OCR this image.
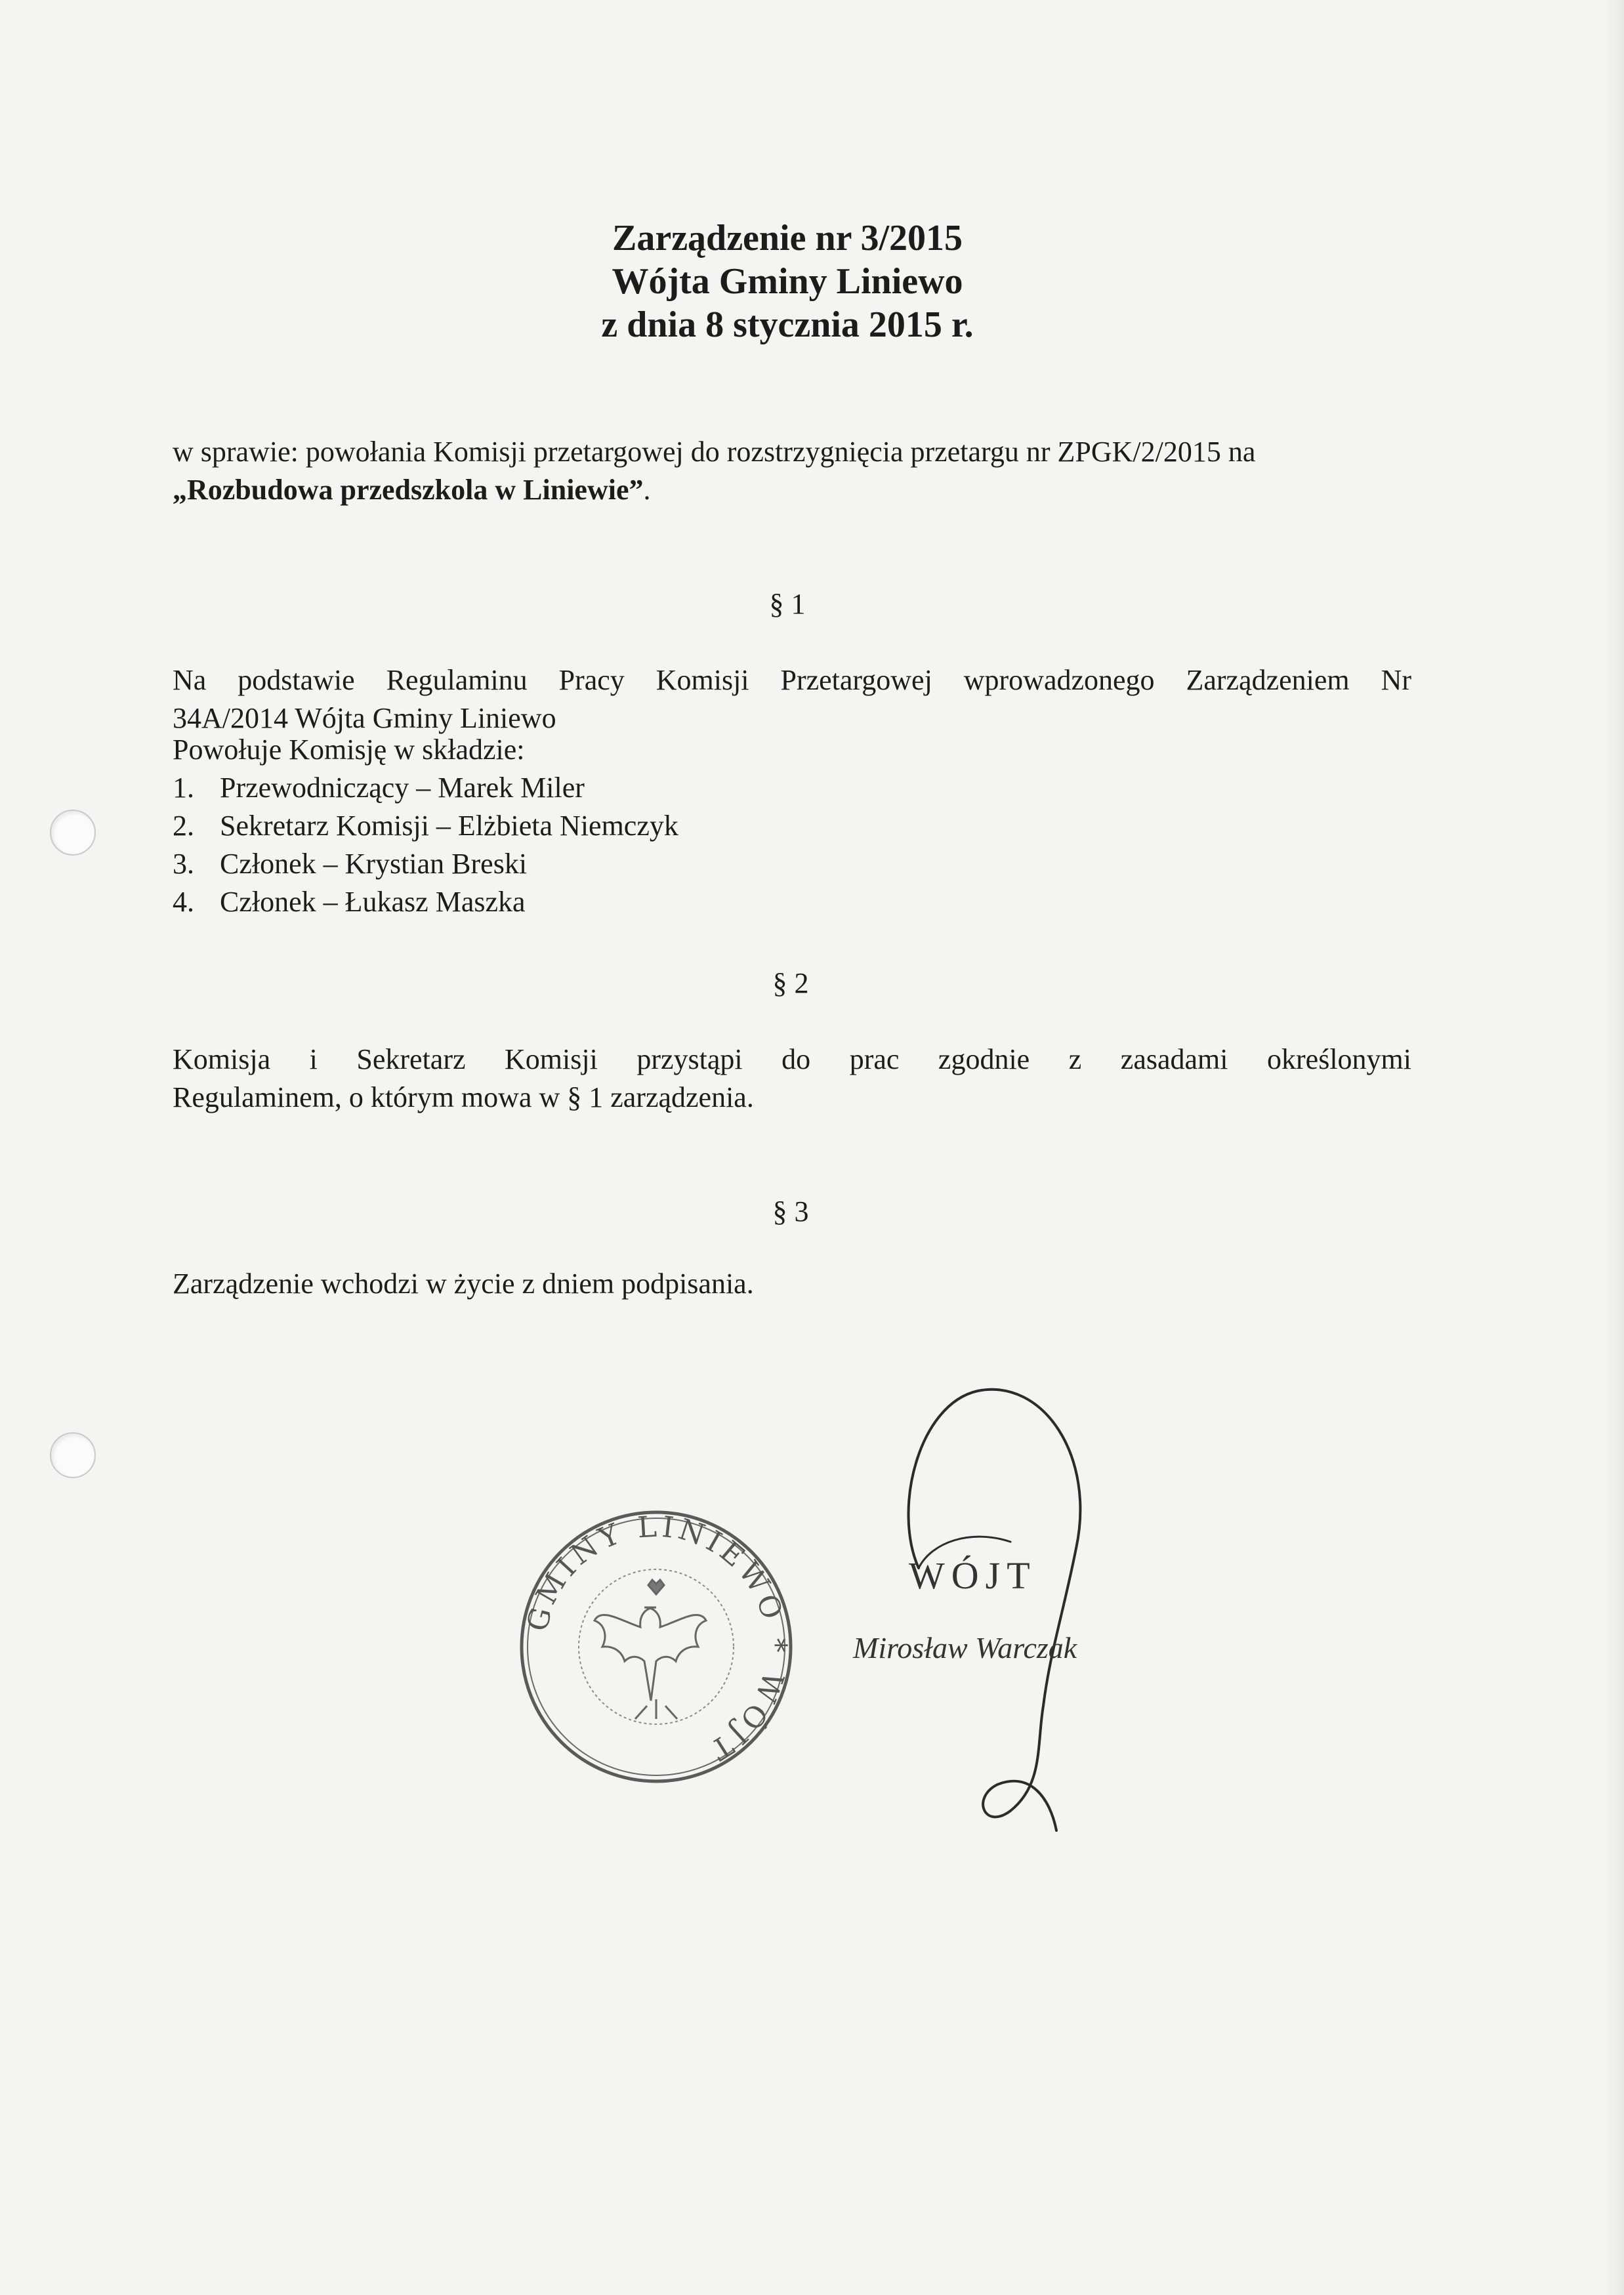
Zarządzenie nr 3/2015
Wójta Gminy Liniewo
z dnia 8 stycznia 2015 r.
w sprawie: powołania Komisji przetargowej do rozstrzygnięcia przetargu nr ZPGK/2/2015 na
„Rozbudowa przedszkola w Liniewie”.
§ 1
Na podstawie Regulaminu Pracy Komisji Przetargowej wprowadzonego Zarządzeniem Nr
34A/2014 Wójta Gminy Liniewo
Powołuje Komisję w składzie:
1. Przewodniczący – Marek Miler
2. Sekretarz Komisji – Elżbieta Niemczyk
3. Członek – Krystian Breski
4. Członek – Łukasz Maszka
§ 2
Komisja i Sekretarz Komisji przystąpi do prac zgodnie z zasadami określonymi
Regulaminem, o którym mowa w § 1 zarządzenia.
§ 3
Zarządzenie wchodzi w życie z dniem podpisania.
GMINY LINIEWO * WÓJT
WÓJT
Mirosław Warczak
